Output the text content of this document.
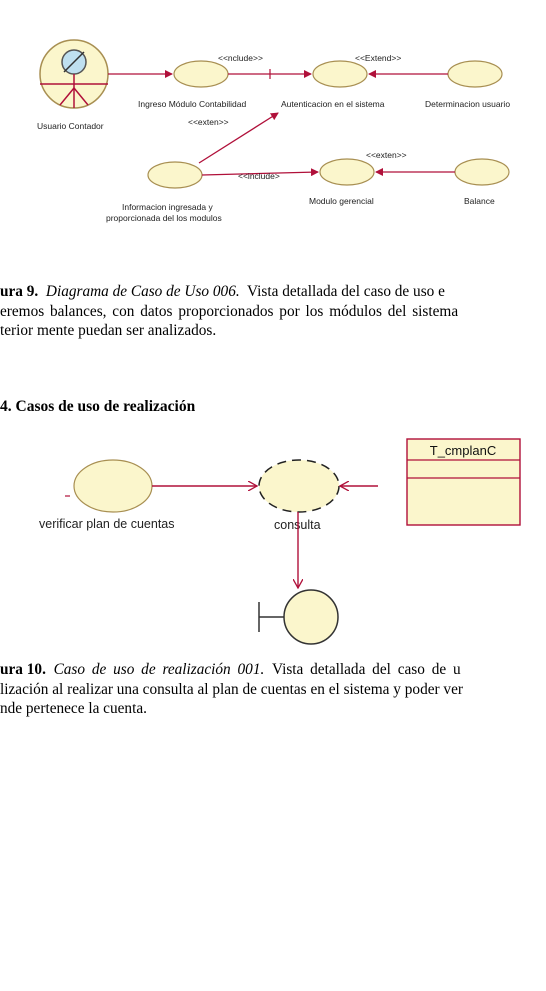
Usuario Contador
<<nclude>>	<<Extend>>
<<exten>>
<<exten>>
<<include>
Ingreso Módulo Contabilidad	Autenticacion en el sistema	Determinacion usuario
Informacion ingresada y
proporcionada del los modulos
Modulo gerencial	Balance
ura 9. Diagrama de Caso de Uso 006. Vista detallada del caso de uso e
eremos balances, con datos proporcionados por los módulos del sistema
terior mente puedan ser analizados.
4. Casos de uso de realización
verificar plan de cuentas	consulta
T_cmplanC
ura 10. Caso de uso de realización 001. Vista detallada del caso de u
lización al realizar una consulta al plan de cuentas en el sistema y poder ver
nde pertenece la cuenta.
